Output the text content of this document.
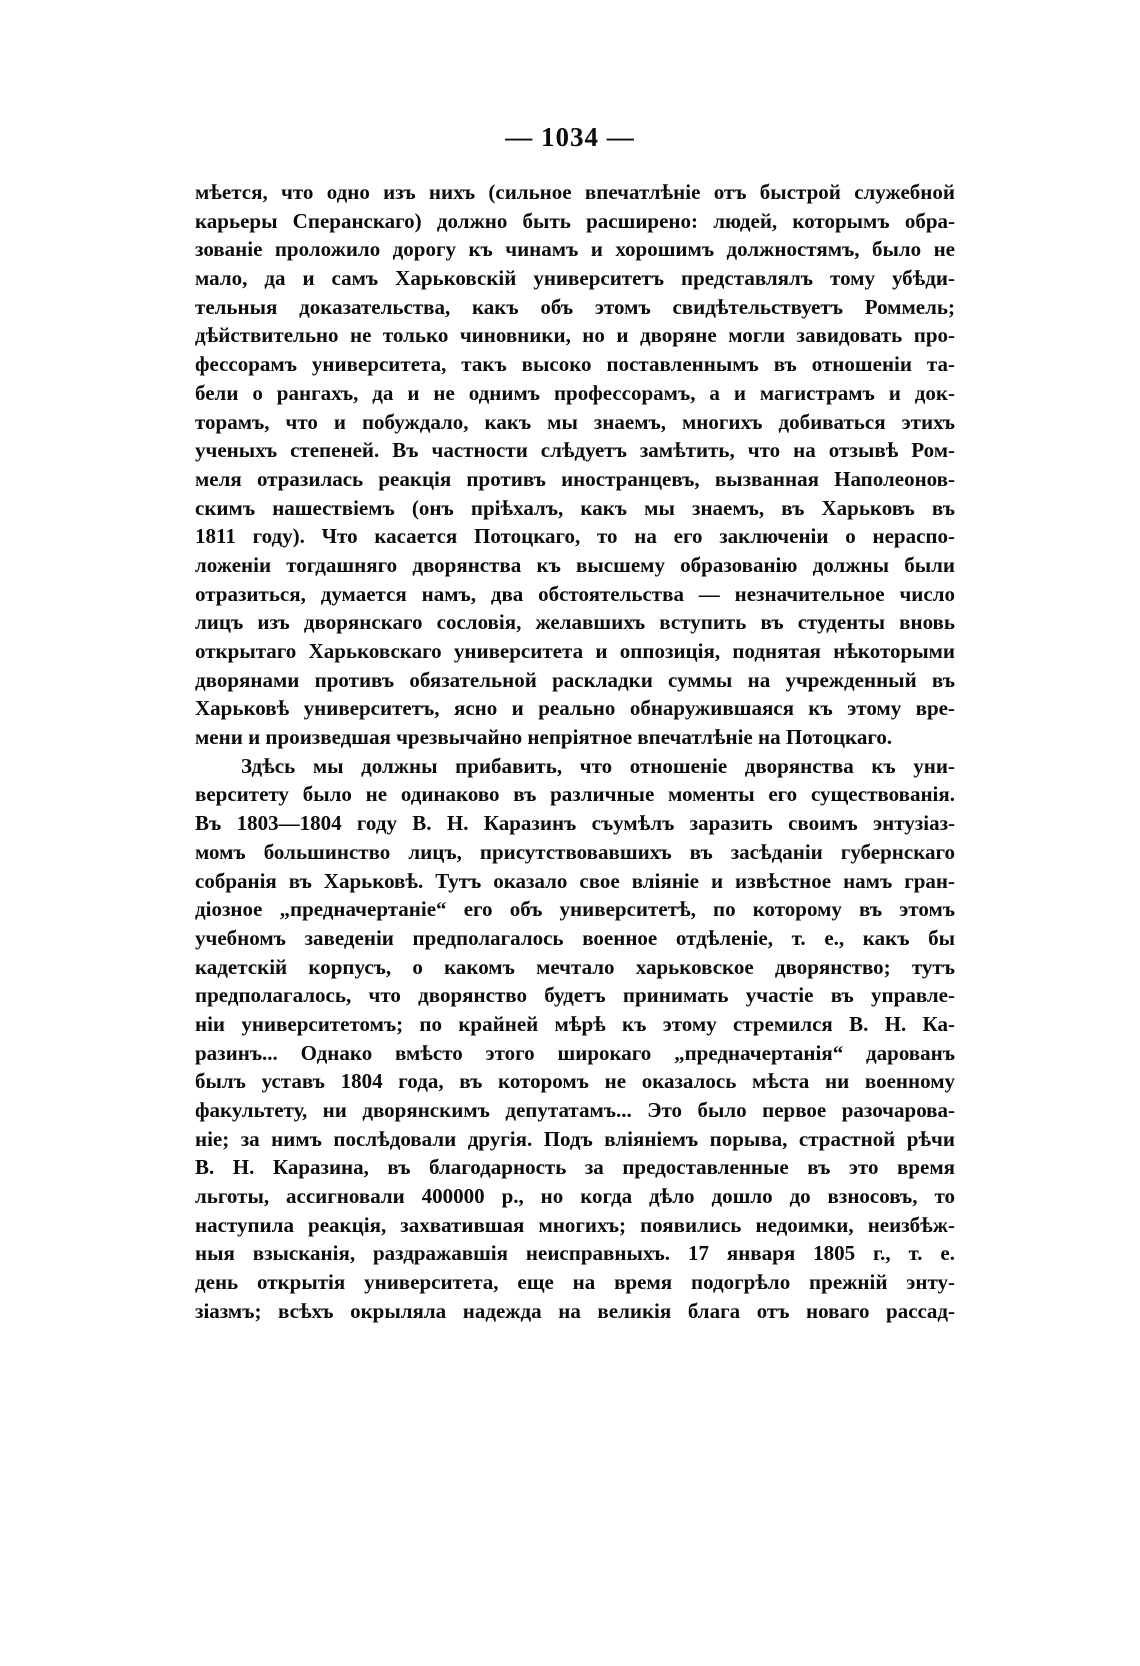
— 1034 —
мѣется, что одно изъ нихъ (сильное впечатлѣніе отъ быстрой служебной
карьеры Сперанскаго) должно быть расширено: людей, которымъ обра-
зованіе проложило дорогу къ чинамъ и хорошимъ должностямъ, было не
мало, да и самъ Харьковскій университетъ представлялъ тому убѣди-
тельныя доказательства, какъ объ этомъ свидѣтельствуетъ Роммель;
дѣйствительно не только чиновники, но и дворяне могли завидовать про-
фессорамъ университета, такъ высоко поставленнымъ въ отношеніи та-
бели о рангахъ, да и не однимъ профессорамъ, а и магистрамъ и док-
торамъ, что и побуждало, какъ мы знаемъ, многихъ добиваться этихъ
ученыхъ степеней. Въ частности слѣдуетъ замѣтить, что на отзывѣ Ром-
меля отразилась реакція противъ иностранцевъ, вызванная Наполеонов-
скимъ нашествіемъ (онъ пріѣхалъ, какъ мы знаемъ, въ Харьковъ въ
1811 году). Что касается Потоцкаго, то на его заключеніи о нераспо-
ложеніи тогдашняго дворянства къ высшему образованію должны были
отразиться, думается намъ, два обстоятельства — незначительное число
лицъ изъ дворянскаго сословія, желавшихъ вступить въ студенты вновь
открытаго Харьковскаго университета и оппозиція, поднятая нѣкоторыми
дворянами противъ обязательной раскладки суммы на учрежденный въ
Харьковѣ университетъ, ясно и реально обнаружившаяся къ этому вре-
мени и произведшая чрезвычайно непріятное впечатлѣніе на Потоцкаго.
Здѣсь мы должны прибавить, что отношеніе дворянства къ уни-
верситету было не одинаково въ различные моменты его существованія.
Въ 1803—1804 году В. Н. Каразинъ съумѣлъ заразить своимъ энтузіаз-
момъ большинство лицъ, присутствовавшихъ въ засѣданіи губернскаго
собранія въ Харьковѣ. Тутъ оказало свое вліяніе и извѣстное намъ гран-
діозное „предначертаніе“ его объ университетѣ, по которому въ этомъ
учебномъ заведеніи предполагалось военное отдѣленіе, т. е., какъ бы
кадетскій корпусъ, о какомъ мечтало харьковское дворянство; тутъ
предполагалось, что дворянство будетъ принимать участіе въ управле-
ніи университетомъ; по крайней мѣрѣ къ этому стремился В. Н. Ка-
разинъ... Однако вмѣсто этого широкаго „предначертанія“ дарованъ
былъ уставъ 1804 года, въ которомъ не оказалось мѣста ни военному
факультету, ни дворянскимъ депутатамъ... Это было первое разочарова-
ніе; за нимъ послѣдовали другія. Подъ вліяніемъ порыва, страстной рѣчи
В. Н. Каразина, въ благодарность за предоставленные въ это время
льготы, ассигновали 400000 р., но когда дѣло дошло до взносовъ, то
наступила реакція, захватившая многихъ; появились недоимки, неизбѣж-
ныя взысканія, раздражавшія неисправныхъ. 17 января 1805 г., т. е.
день открытія университета, еще на время подогрѣло прежній энту-
зіазмъ; всѣхъ окрыляла надежда на великія блага отъ новаго расcад-
